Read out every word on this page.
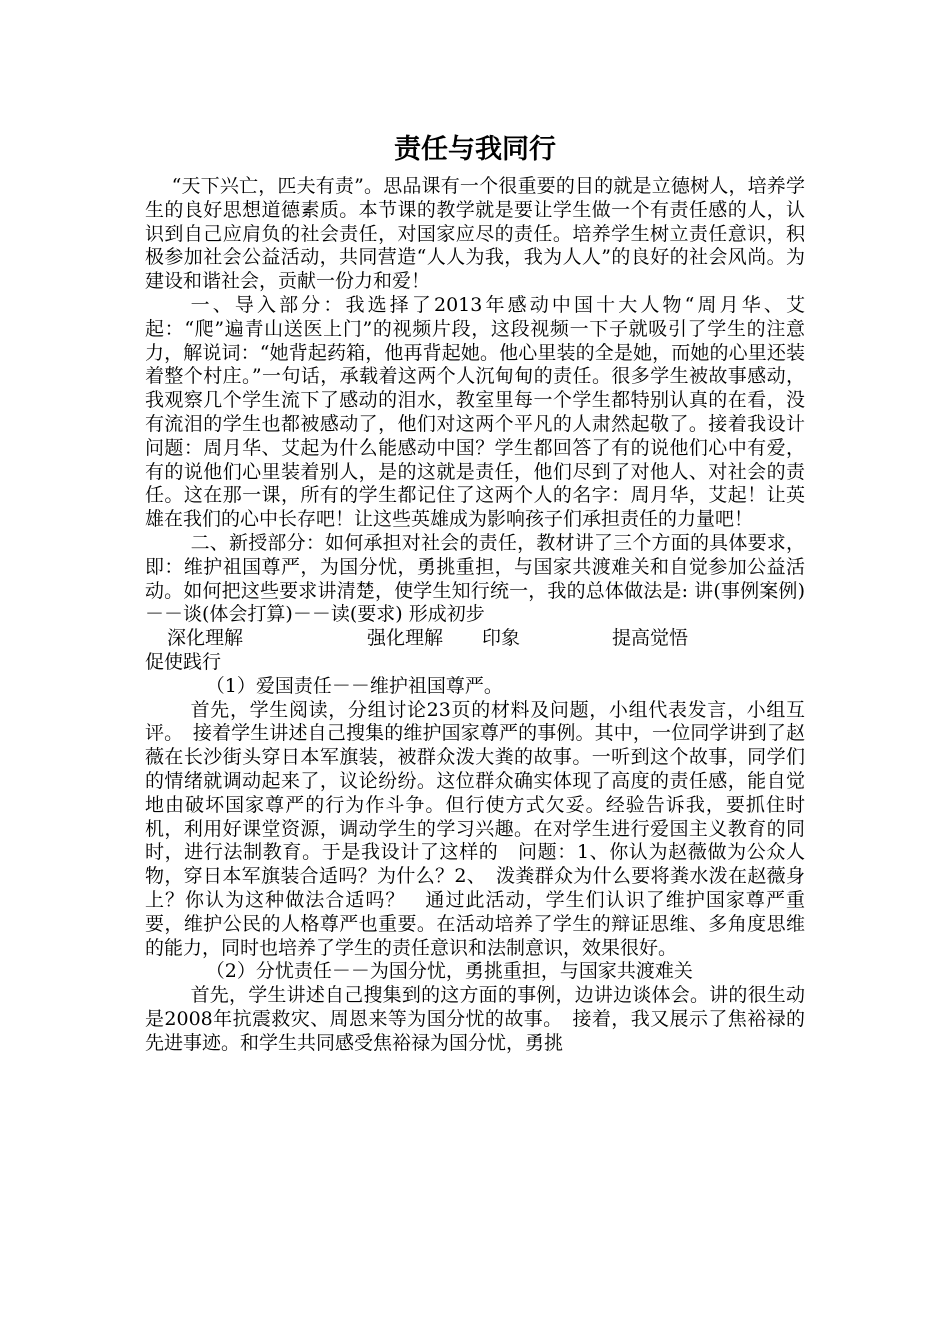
责任与我同行

“天下兴亡，匹夫有责”。思品课有一个很重要的目的就是立德树人，培养学生的良好思想道德素质。本节课的教学就是要让学生做一个有责任感的人，认识到自己应肩负的社会责任，对国家应尽的责任。培养学生树立责任意识，积极参加社会公益活动，共同营造“人人为我，我为人人”的良好的社会风尚。为建设和谐社会，贡献一份力和爱！

一、导入部分：我选择了2013年感动中国十大人物“周月华、艾起：“爬”遍青山送医上门”的视频片段，这段视频一下子就吸引了学生的注意力，解说词：“她背起药箱，他再背起她。他心里装的全是她，而她的心里还装着整个村庄。”一句话，承载着这两个人沉甸甸的责任。很多学生被故事感动，我观察几个学生流下了感动的泪水，教室里每一个学生都特别认真的在看，没有流泪的学生也都被感动了，他们对这两个平凡的人肃然起敬了。接着我设计问题：周月华、艾起为什么能感动中国？学生都回答了有的说他们心中有爱，有的说他们心里装着别人，是的这就是责任，他们尽到了对他人、对社会的责任。这在那一课，所有的学生都记住了这两个人的名字：周月华，艾起！让英雄在我们的心中长存吧！让这些英雄成为影响孩子们承担责任的力量吧！

二、新授部分：如何承担对社会的责任，教材讲了三个方面的具体要求，即：维护祖国尊严，为国分忧，勇挑重担，与国家共渡难关和自觉参加公益活动。如何把这些要求讲清楚，使学生知行统一，我的总体做法是: 讲(事例案例)－－谈(体会打算)－－读(要求) 形成初步

深化理解	强化理解	印象	提高觉悟

促使践行

（1）爱国责任－－维护祖国尊严。

首先，学生阅读，分组讨论23页的材料及问题，小组代表发言，小组互评。　接着学生讲述自己搜集的维护国家尊严的事例。其中，一位同学讲到了赵薇在长沙街头穿日本军旗装，被群众泼大粪的故事。一听到这个故事，同学们的情绪就调动起来了，议论纷纷。这位群众确实体现了高度的责任感，能自觉地由破坏国家尊严的行为作斗争。但行使方式欠妥。经验告诉我，要抓住时机，利用好课堂资源，调动学生的学习兴趣。在对学生进行爱国主义教育的同时，进行法制教育。于是我设计了这样的　问题：1、你认为赵薇做为公众人物，穿日本军旗装合适吗？为什么？2、　泼粪群众为什么要将粪水泼在赵薇身上？你认为这种做法合适吗？　通过此活动，学生们认识了维护国家尊严重要，维护公民的人格尊严也重要。在活动培养了学生的辩证思维、多角度思维的能力，同时也培养了学生的责任意识和法制意识，效果很好。

（2）分忧责任－－为国分忧，勇挑重担，与国家共渡难关

首先，学生讲述自己搜集到的这方面的事例，边讲边谈体会。讲的很生动是2008年抗震救灾、周恩来等为国分忧的故事。　接着，我又展示了焦裕禄的先进事迹。和学生共同感受焦裕禄为国分忧，勇挑
